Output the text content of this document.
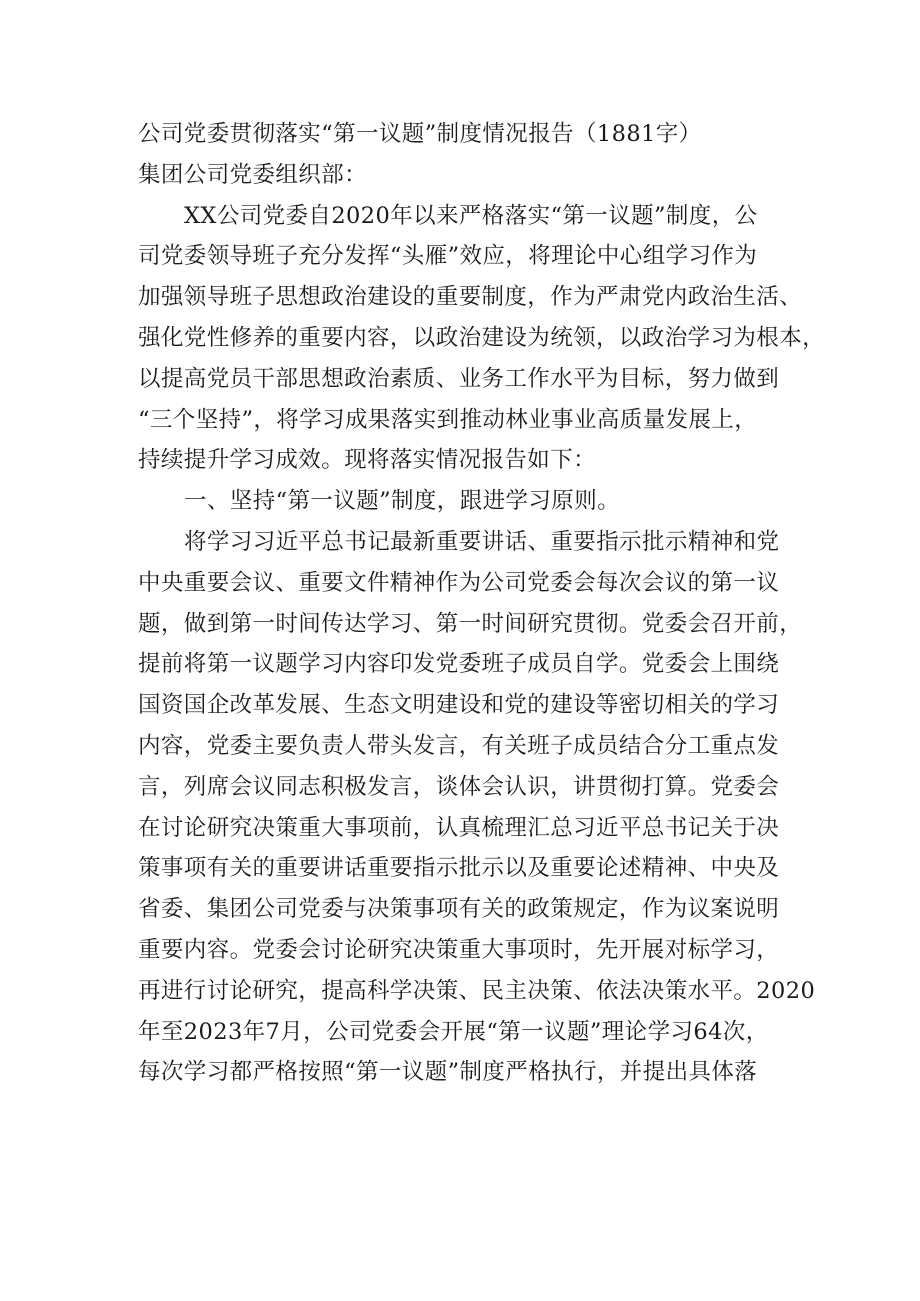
公司党委贯彻落实“第一议题”制度情况报告（1881字）
集团公司党委组织部：
XX公司党委自2020年以来严格落实“第一议题”制度，公
司党委领导班子充分发挥“头雁”效应，将理论中心组学习作为
加强领导班子思想政治建设的重要制度，作为严肃党内政治生活、
强化党性修养的重要内容，以政治建设为统领，以政治学习为根本，
以提高党员干部思想政治素质、业务工作水平为目标，努力做到
“三个坚持”，将学习成果落实到推动林业事业高质量发展上，
持续提升学习成效。现将落实情况报告如下：
一、坚持“第一议题”制度，跟进学习原则。
将学习习近平总书记最新重要讲话、重要指示批示精神和党
中央重要会议、重要文件精神作为公司党委会每次会议的第一议
题，做到第一时间传达学习、第一时间研究贯彻。党委会召开前，
提前将第一议题学习内容印发党委班子成员自学。党委会上围绕
国资国企改革发展、生态文明建设和党的建设等密切相关的学习
内容，党委主要负责人带头发言，有关班子成员结合分工重点发
言，列席会议同志积极发言，谈体会认识，讲贯彻打算。党委会
在讨论研究决策重大事项前，认真梳理汇总习近平总书记关于决
策事项有关的重要讲话重要指示批示以及重要论述精神、中央及
省委、集团公司党委与决策事项有关的政策规定，作为议案说明
重要内容。党委会讨论研究决策重大事项时，先开展对标学习，
再进行讨论研究，提高科学决策、民主决策、依法决策水平。2020
年至2023年7月，公司党委会开展“第一议题”理论学习64次，
每次学习都严格按照“第一议题”制度严格执行，并提出具体落
